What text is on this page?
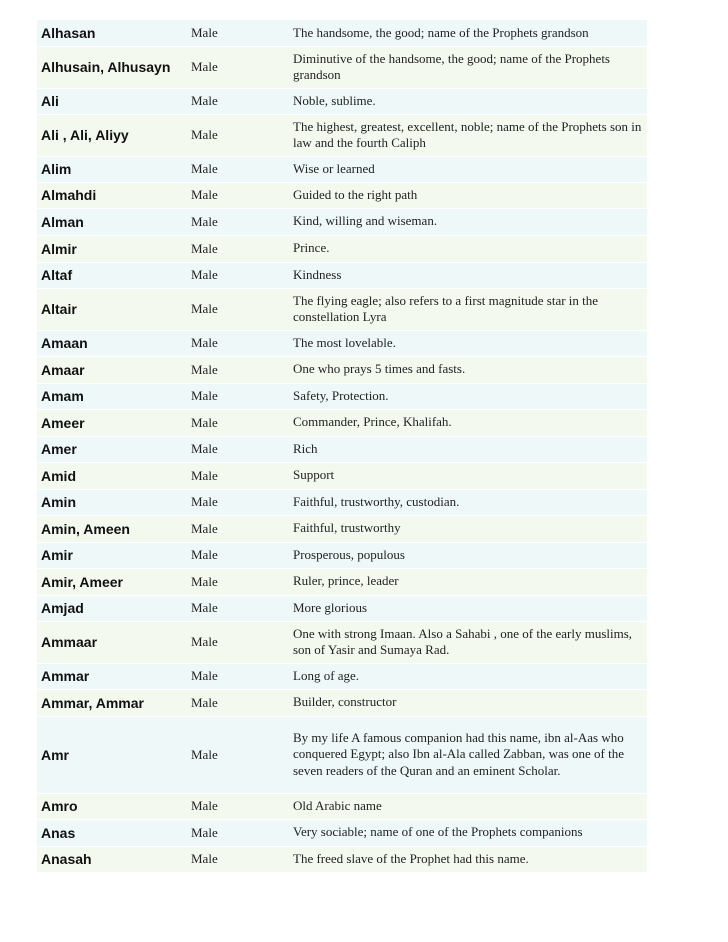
Alhasan	Male	The handsome, the good; name of the Prophets grandson
Alhusain, Alhusayn	Male	Diminutive of the handsome, the good; name of the Prophets grandson
Ali	Male	Noble, sublime.
Ali , Ali, Aliyy	Male	The highest, greatest, excellent, noble; name of the Prophets son in law and the fourth Caliph
Alim	Male	Wise or learned
Almahdi	Male	Guided to the right path
Alman	Male	Kind, willing and wiseman.
Almir	Male	Prince.
Altaf	Male	Kindness
Altair	Male	The flying eagle; also refers to a first magnitude star in the constellation Lyra
Amaan	Male	The most lovelable.
Amaar	Male	One who prays 5 times and fasts.
Amam	Male	Safety, Protection.
Ameer	Male	Commander, Prince, Khalifah.
Amer	Male	Rich
Amid	Male	Support
Amin	Male	Faithful, trustworthy, custodian.
Amin, Ameen	Male	Faithful, trustworthy
Amir	Male	Prosperous, populous
Amir, Ameer	Male	Ruler, prince, leader
Amjad	Male	More glorious
Ammaar	Male	One with strong Imaan. Also a Sahabi , one of the early muslims, son of Yasir and Sumaya Rad.
Ammar	Male	Long of age.
Ammar, Ammar	Male	Builder, constructor
Amr	Male	By my life A famous companion had this name, ibn al-Aas who conquered Egypt; also Ibn al-Ala called Zabban, was one of the seven readers of the Quran and an eminent Scholar.
Amro	Male	Old Arabic name
Anas	Male	Very sociable; name of one of the Prophets companions
Anasah	Male	The freed slave of the Prophet had this name.
